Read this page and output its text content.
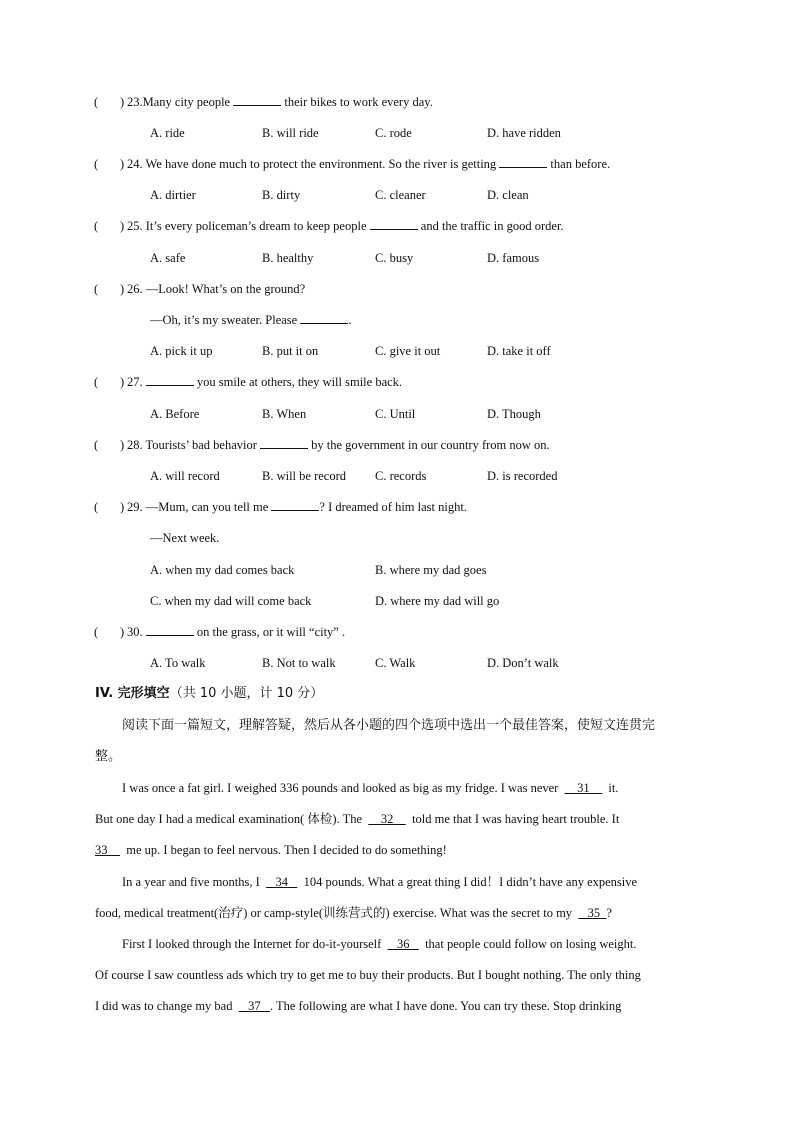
(       ) 23.Many city people	their bikes to work every day.
A. ride	B. will ride	C. rode	D. have ridden
(       ) 24. We have done much to protect the environment. So the river is getting	than before.
A. dirtier	B. dirty	C. cleaner	D. clean
(       ) 25. It’s every policeman’s dream to keep people	and the traffic in good order.
A. safe	B. healthy	C. busy	D. famous
(       ) 26. —Look! What’s on the ground?
—Oh, it’s my sweater. Please	.
A. pick it up	B. put it on	C. give it out	D. take it off
(       ) 27.	you smile at others, they will smile back.
A. Before	B. When	C. Until	D. Though
(       ) 28. Tourists’ bad behavior	by the government in our country from now on.
A. will record	B. will be record C. records	D. is recorded
(       ) 29. —Mum, can you tell me	? I dreamed of him last night.
—Next week.
A. when my dad comes back	B. where my dad goes
C. when my dad will come back	D. where my dad will go
(       ) 30.	on the grass, or it will “city” .
A. To walk	B. Not to walk	C. Walk	D. Don’t walk
IV. 完形填空（共 10 小题，计 10 分）
阅读下面一篇短文，理解答疑，然后从各小题的四个选项中选出一个最佳答案，使短文连贯完
整。
I was once a fat girl. I weighed 336 pounds and looked as big as my fridge. I was never 31 it.
But one day I had a medical examination( 体检). The 32 told me that I was having heart trouble. It
33 me up. I began to feel nervous. Then I decided to do something!
In a year and five months, I 34 104 pounds. What a great thing I did！I didn’t have any expensive
food, medical treatment(治疗) or camp-style(训练营式的) exercise. What was the secret to my 35 ?
First I looked through the Internet for do-it-yourself 36 that people could follow on losing weight.
Of course I saw countless ads which try to get me to buy their products. But I bought nothing. The only thing
I did was to change my bad 37 . The following are what I have done. You can try these. Stop drinking
